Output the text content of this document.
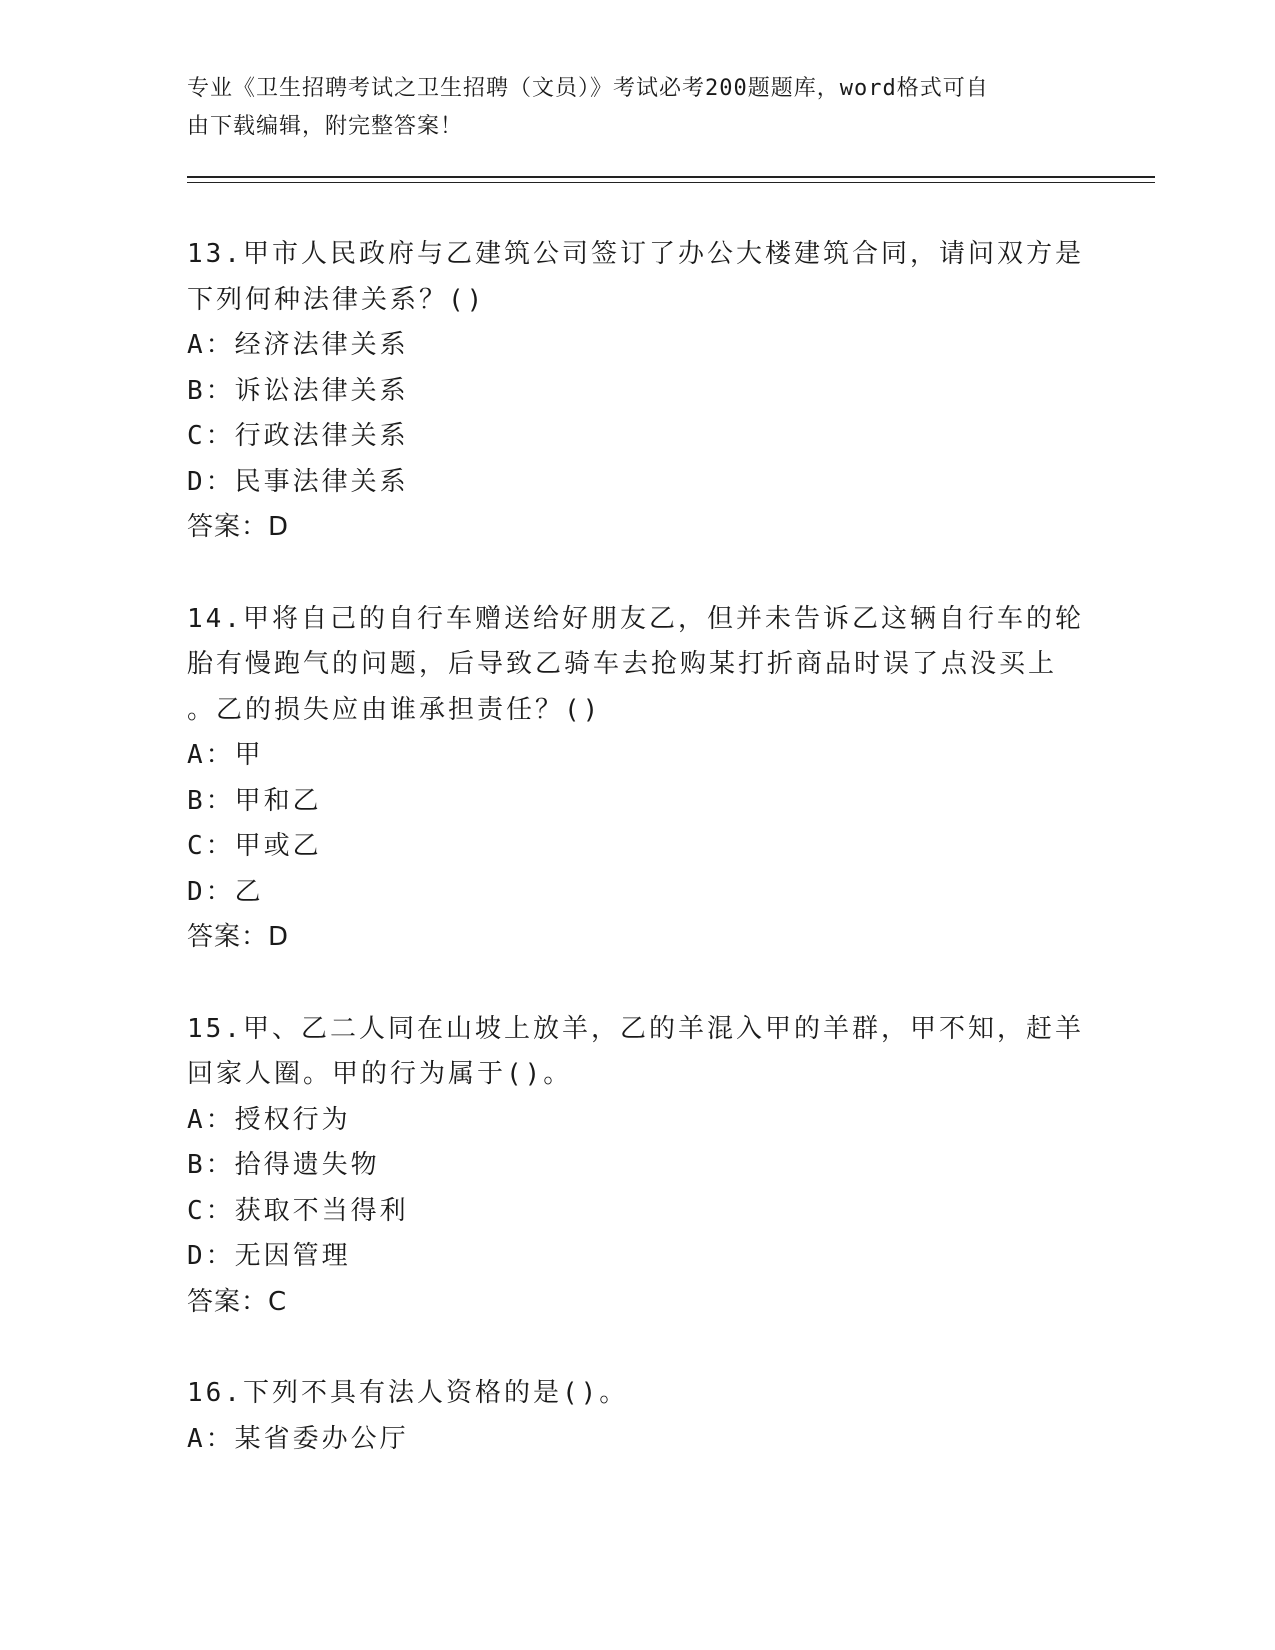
专业《卫生招聘考试之卫生招聘（文员）》考试必考200题题库，word格式可自
由下载编辑，附完整答案！
13.甲市人民政府与乙建筑公司签订了办公大楼建筑合同，请问双方是
下列何种法律关系？()
A：经济法律关系
B：诉讼法律关系
C：行政法律关系
D：民事法律关系
答案：D
14.甲将自己的自行车赠送给好朋友乙，但并未告诉乙这辆自行车的轮
胎有慢跑气的问题，后导致乙骑车去抢购某打折商品时误了点没买上
。乙的损失应由谁承担责任？()
A：甲
B：甲和乙
C：甲或乙
D：乙
答案：D
15.甲、乙二人同在山坡上放羊，乙的羊混入甲的羊群，甲不知，赶羊
回家人圈。甲的行为属于()。
A：授权行为
B：拾得遗失物
C：获取不当得利
D：无因管理
答案：C
16.下列不具有法人资格的是()。
A：某省委办公厅
